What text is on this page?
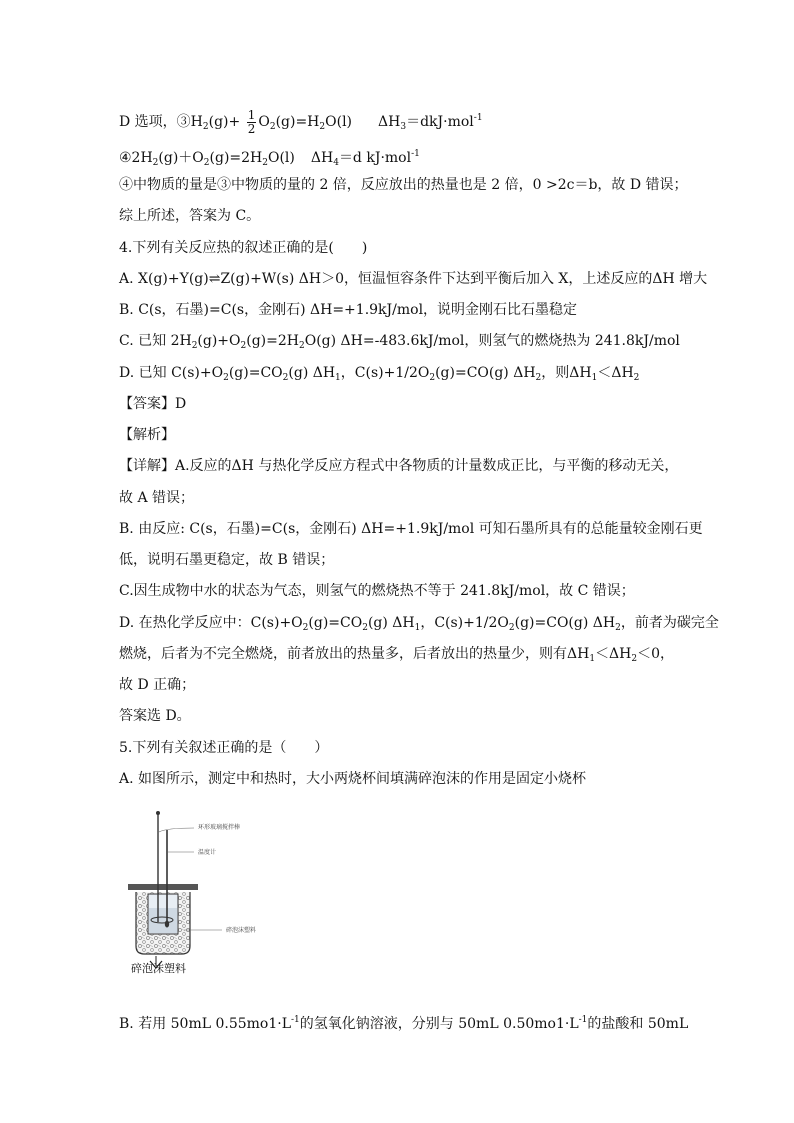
D 选项，$③H_2(g)+ \frac{1}{2} O_2(g)=H_2O(l)$ $\Delta H_3=dkJ\cdot mol^{-1}$
$④2H_2(g)+O_2(g)=2H_2O(l)$ $\Delta H_4=d$ kJ·mol$^{-1}$
④中物质的量是③中物质的量的 2 倍，反应放出的热量也是 2 倍，0 >2c＝b，故 D 错误；
综上所述，答案为 C。
4.下列有关反应热的叙述正确的是(　　)
A. X(g)+Y(g)⇌Z(g)+W(s) ΔH＞0，恒温恒容条件下达到平衡后加入 X，上述反应的ΔH 增大
B. C(s，石墨)=C(s，金刚石) ΔH=+1.9kJ/mol，说明金刚石比石墨稳定
C. 已知 $2H_2(g)+O_2(g)=2H_2O(g)$ ΔH=-483.6kJ/mol，则氢气的燃烧热为 241.8kJ/mol
D. 已知 $C(s)+O_2(g)=CO_2(g)$ $\Delta H_1$，$C(s)+1/2O_2(g)=CO(g)$ $\Delta H_2$，则$\Delta H_1<\Delta H_2$
【答案】D
【解析】
【详解】A.反应的ΔH 与热化学反应方程式中各物质的计量数成正比，与平衡的移动无关，
故 A 错误；
B. 由反应: C(s，石墨)=C(s，金刚石) ΔH=+1.9kJ/mol 可知石墨所具有的总能量较金刚石更
低，说明石墨更稳定，故 B 错误；
C.因生成物中水的状态为气态，则氢气的燃烧热不等于 241.8kJ/mol，故 C 错误；
D. 在热化学反应中：$C(s)+O_2(g)=CO_2(g)$ $\Delta H_1$，$C(s)+1/2O_2(g)=CO(g)$ $\Delta H_2$，前者为碳完全
燃烧，后者为不完全燃烧，前者放出的热量多，后者放出的热量少，则有$\Delta H_1<\Delta H_2<0$，
故 D 正确；
答案选 D。
5.下列有关叙述正确的是（　　）
A. 如图所示，测定中和热时，大小两烧杯间填满碎泡沫的作用是固定小烧杯
环形玻璃搅拌棒
温度计
碎泡沫塑料
碎泡沫塑料
B. 若用 50mL $0.55mo1\cdot L^{-1}$的氢氧化钠溶液，分别与 50mL $0.50mo1\cdot L^{-1}$的盐酸和 50mL
